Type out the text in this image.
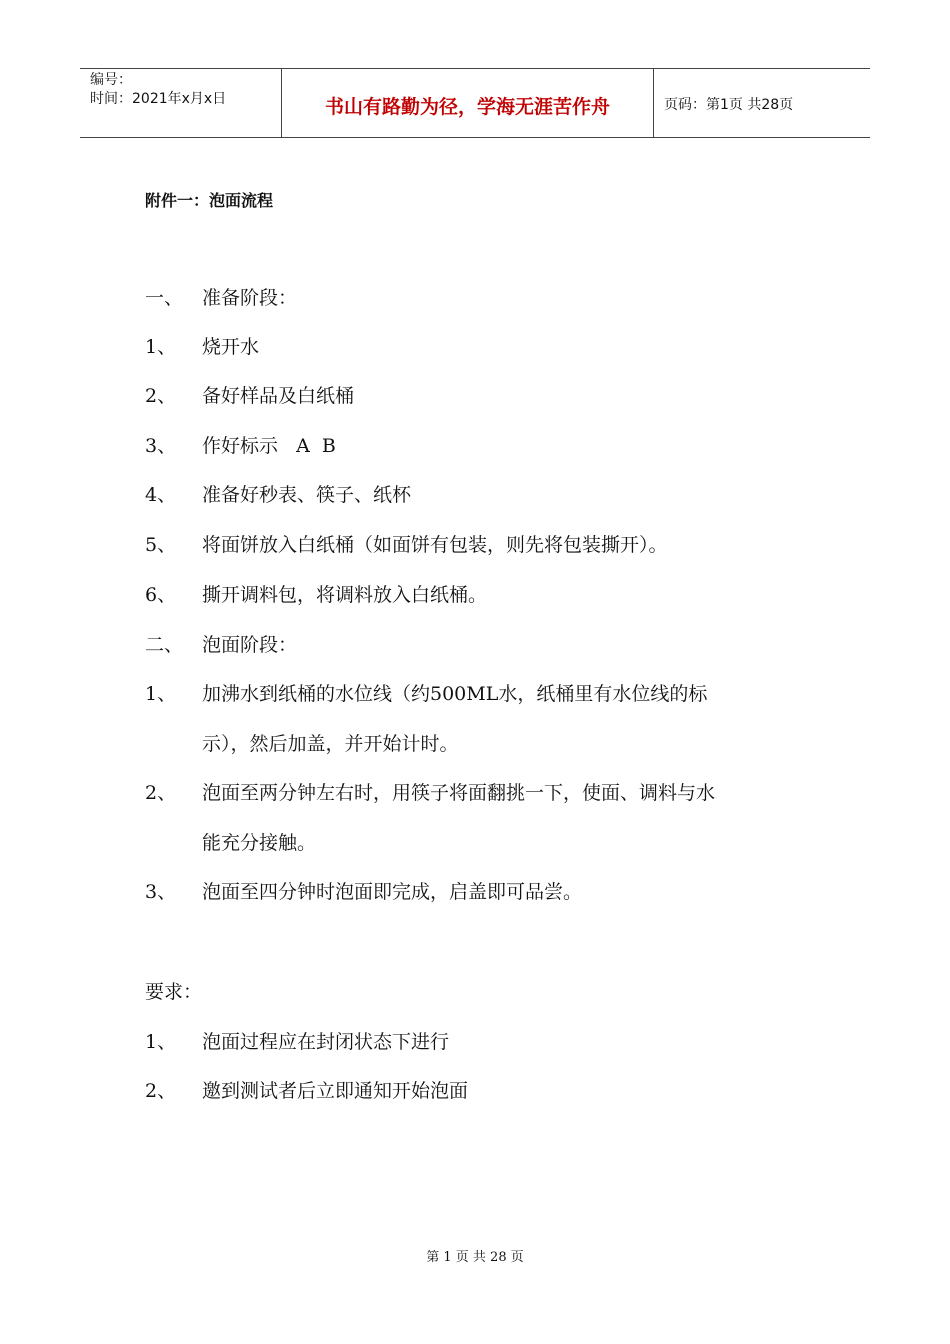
编号：
时间：2021年x月x日	书山有路勤为径，学海无涯苦作舟	页码：第1页 共28页
附件一：泡面流程
一、 准备阶段：
1、 烧开水
2、 备好样品及白纸桶
3、 作好标示   A  B
4、 准备好秒表、筷子、纸杯
5、 将面饼放入白纸桶（如面饼有包装，则先将包装撕开）。
6、 撕开调料包，将调料放入白纸桶。
二、 泡面阶段：
1、 加沸水到纸桶的水位线（约500ML水，纸桶里有水位线的标
示），然后加盖，并开始计时。
2、 泡面至两分钟左右时，用筷子将面翻挑一下，使面、调料与水
能充分接触。
3、 泡面至四分钟时泡面即完成，启盖即可品尝。
要求：
1、 泡面过程应在封闭状态下进行
2、 邀到测试者后立即通知开始泡面
第 1 页 共 28 页
